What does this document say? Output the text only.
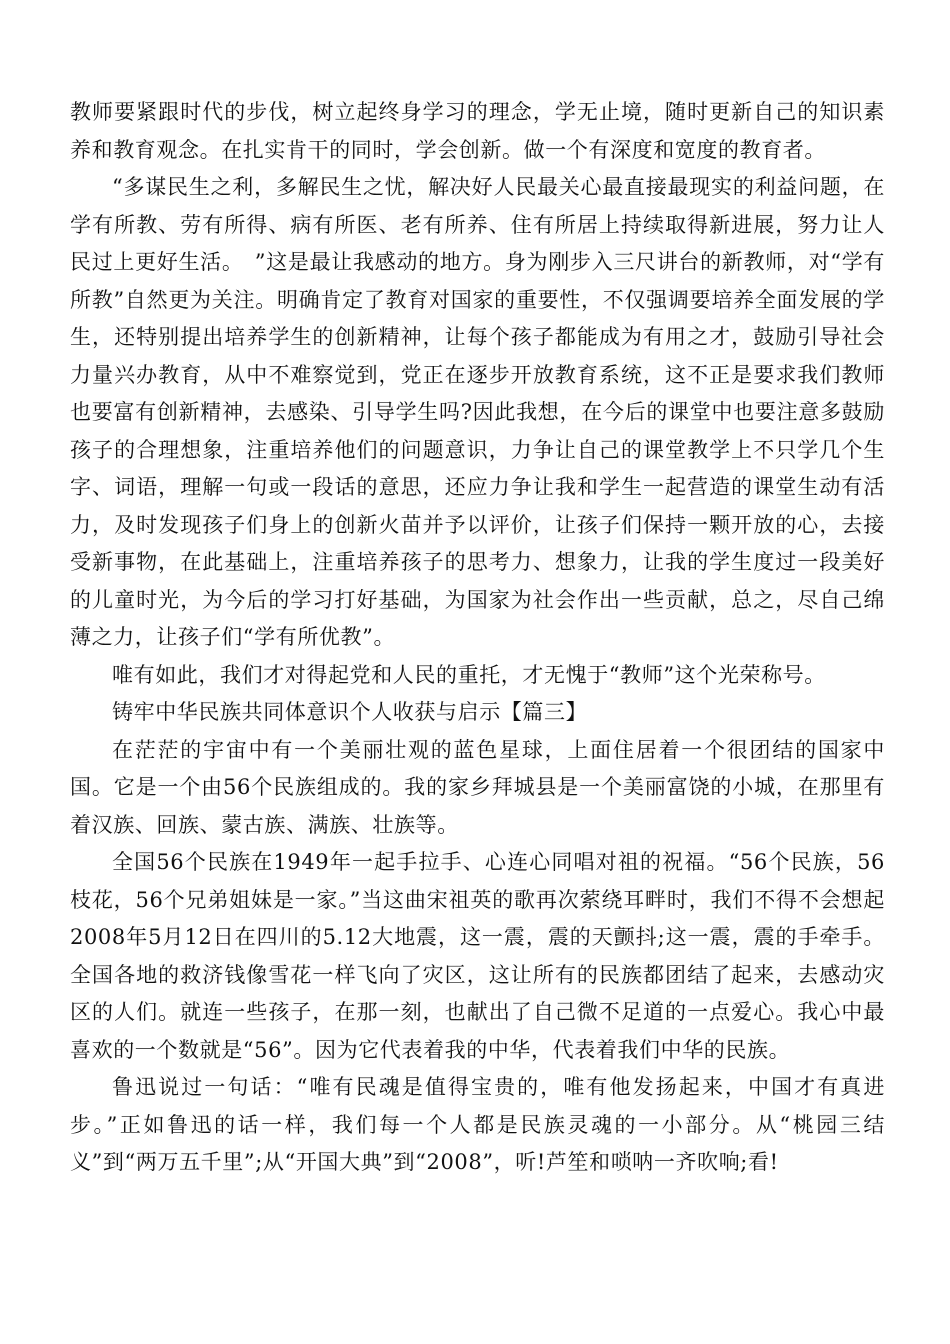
教师要紧跟时代的步伐，树立起终身学习的理念，学无止境，随时更新自己的知识素养和教育观念。在扎实肯干的同时，学会创新。做一个有深度和宽度的教育者。

“多谋民生之利，多解民生之忧，解决好人民最关心最直接最现实的利益问题，在学有所教、劳有所得、病有所医、老有所养、住有所居上持续取得新进展，努力让人民过上更好生活。　”这是最让我感动的地方。身为刚步入三尺讲台的新教师，对“学有所教”自然更为关注。明确肯定了教育对国家的重要性，不仅强调要培养全面发展的学生，还特别提出培养学生的创新精神，让每个孩子都能成为有用之才，鼓励引导社会力量兴办教育，从中不难察觉到，党正在逐步开放教育系统，这不正是要求我们教师也要富有创新精神，去感染、引导学生吗?因此我想，在今后的课堂中也要注意多鼓励孩子的合理想象，注重培养他们的问题意识，力争让自己的课堂教学上不只学几个生字、词语，理解一句或一段话的意思，还应力争让我和学生一起营造的课堂生动有活力，及时发现孩子们身上的创新火苗并予以评价，让孩子们保持一颗开放的心，去接受新事物，在此基础上，注重培养孩子的思考力、想象力，让我的学生度过一段美好的儿童时光，为今后的学习打好基础，为国家为社会作出一些贡献，总之，尽自己绵薄之力，让孩子们“学有所优教”。

唯有如此，我们才对得起党和人民的重托，才无愧于“教师”这个光荣称号。

铸牢中华民族共同体意识个人收获与启示【篇三】

在茫茫的宇宙中有一个美丽壮观的蓝色星球，上面住居着一个很团结的国家中国。它是一个由56个民族组成的。我的家乡拜城县是一个美丽富饶的小城，在那里有着汉族、回族、蒙古族、满族、壮族等。

全国56个民族在1949年一起手拉手、心连心同唱对祖的祝福。“56个民族，56枝花，56个兄弟姐妹是一家。”当这曲宋祖英的歌再次萦绕耳畔时，我们不得不会想起2008年5月12日在四川的5.12大地震，这一震，震的天颤抖;这一震，震的手牵手。全国各地的救济钱像雪花一样飞向了灾区，这让所有的民族都团结了起来，去感动灾区的人们。就连一些孩子，在那一刻，也献出了自己微不足道的一点爱心。我心中最喜欢的一个数就是“56”。因为它代表着我的中华，代表着我们中华的民族。

鲁迅说过一句话：“唯有民魂是值得宝贵的，唯有他发扬起来，中国才有真进步。”正如鲁迅的话一样，我们每一个人都是民族灵魂的一小部分。从“桃园三结义”到“两万五千里”;从“开国大典”到“2008”，听!芦笙和唢呐一齐吹响;看!
